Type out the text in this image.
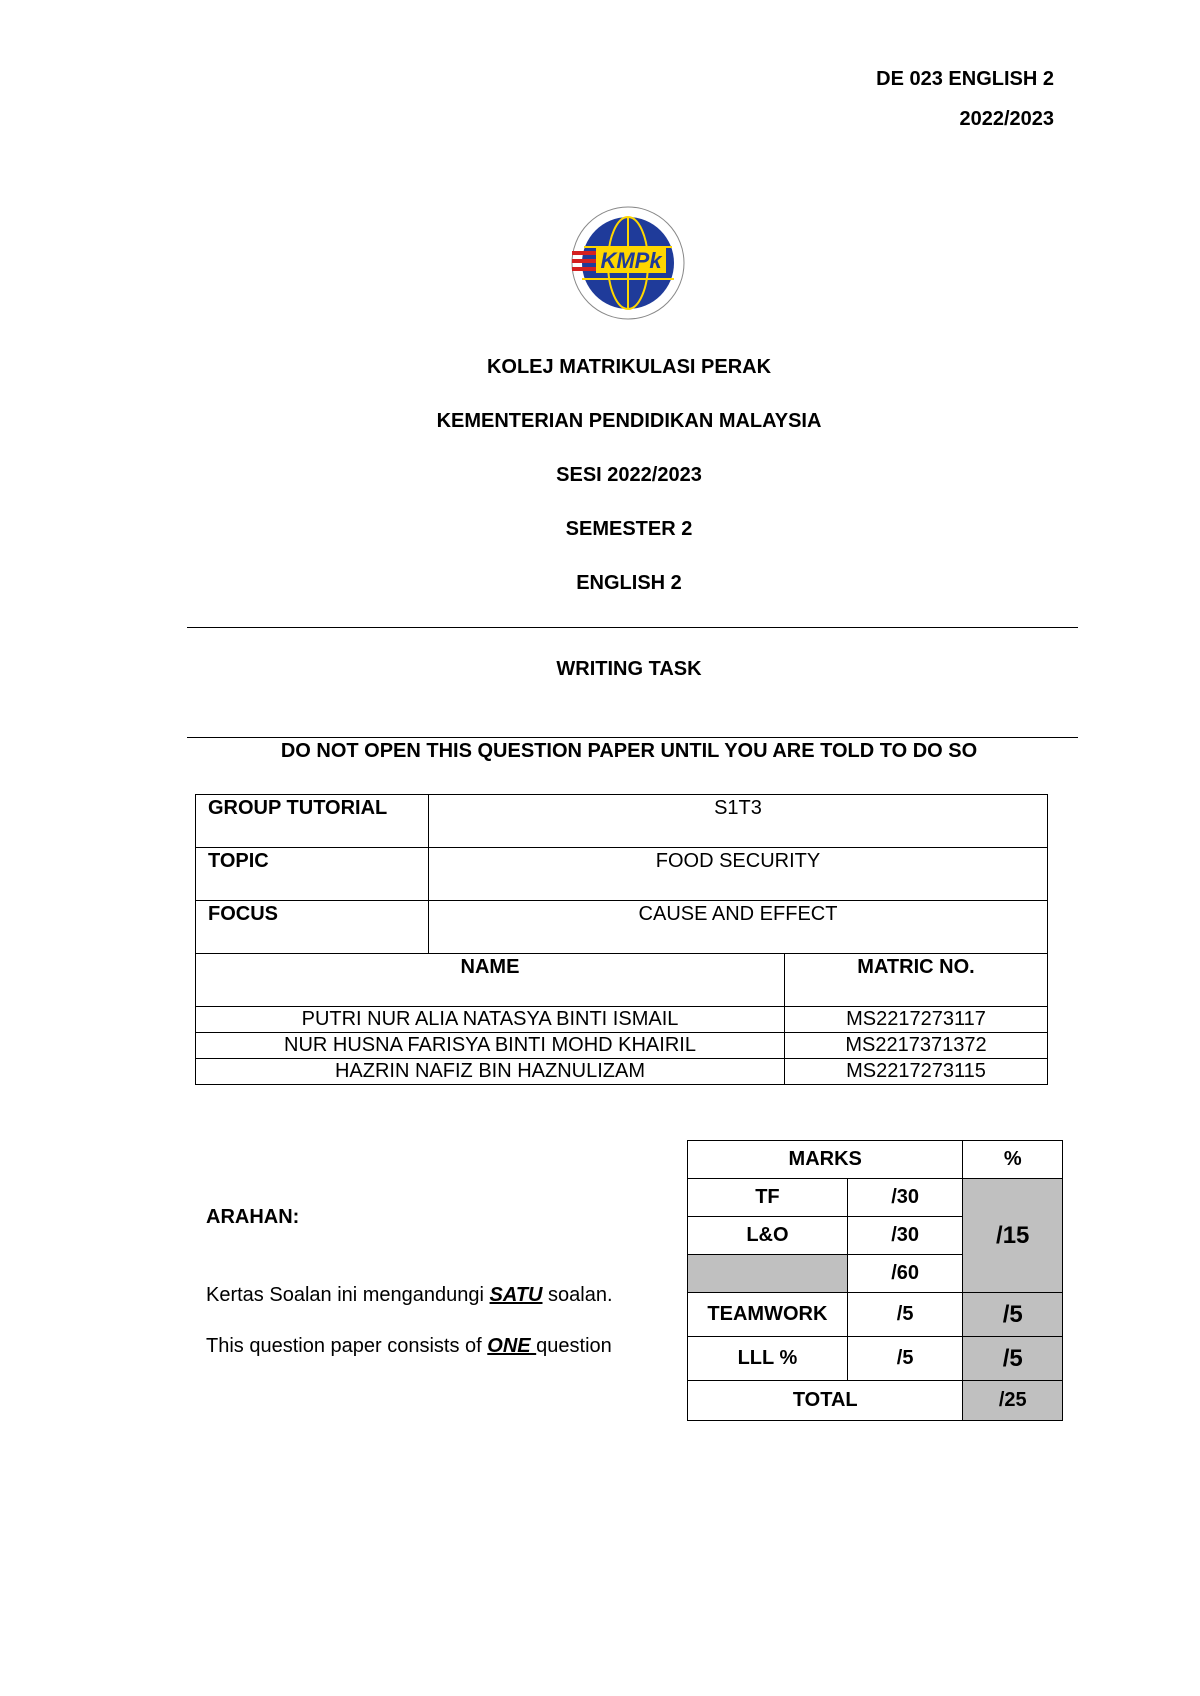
DE 023 ENGLISH 2
2022/2023
KMPk
KOLEJ MATRIKULASI PERAK
KEMENTERIAN PENDIDIKAN MALAYSIA
SESI 2022/2023
SEMESTER 2
ENGLISH 2
WRITING TASK
DO NOT OPEN THIS QUESTION PAPER UNTIL YOU ARE TOLD TO DO SO
GROUP TUTORIAL	S1T3	
TOPIC	FOOD SECURITY	
FOCUS	CAUSE AND EFFECT	
NAME		MATRIC NO.
PUTRI NUR ALIA NATASYA BINTI ISMAIL		MS2217273117
NUR HUSNA FARISYA BINTI MOHD KHAIRIL		MS2217371372
HAZRIN NAFIZ BIN HAZNULIZAM		MS2217273115
ARAHAN:
Kertas Soalan ini mengandungi SATU soalan.
This question paper consists of ONE question
MARKS		%
TF	/30	/15
L&O	/30	
	/60	
TEAMWORK	/5	/5
LLL %	/5	/5
TOTAL		/25
